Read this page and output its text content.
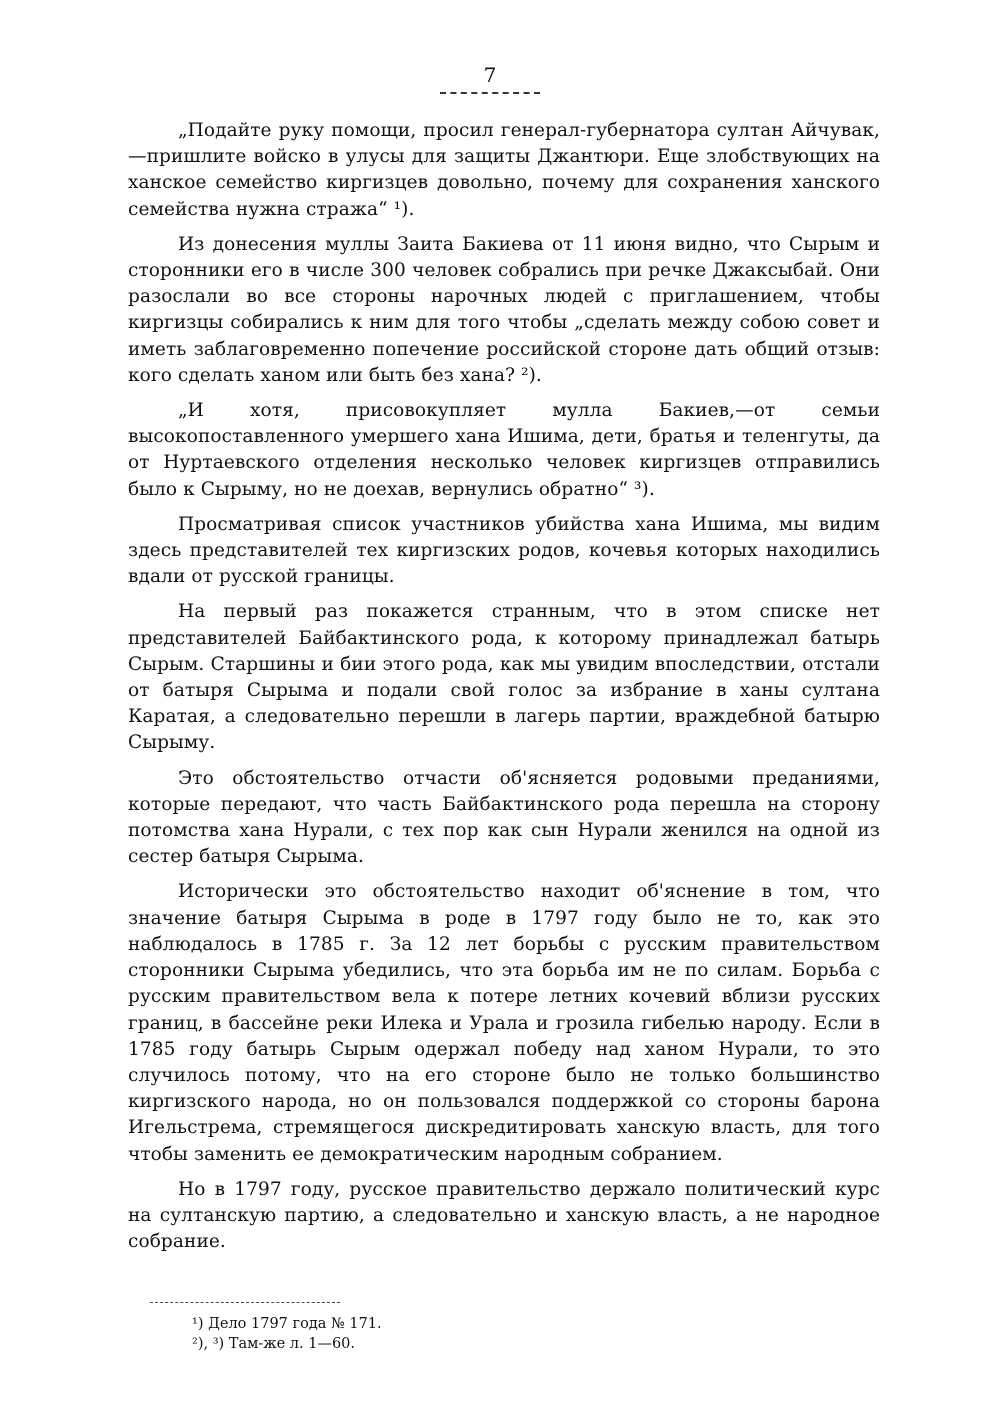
7

„Подайте руку помощи, просил генерал-губернатора султан Айчувак,—пришлите войско в улусы для защиты Джантюри. Еще злобствующих на ханское семейство киргизцев довольно, почему для сохранения ханского семейства нужна стража“ ¹).

Из донесения муллы Заита Бакиева от 11 июня видно, что Сырым и сторонники его в числе 300 человек собрались при речке Джаксыбай. Они разослали во все стороны нарочных людей с приглашением, чтобы киргизцы собирались к ним для того чтобы „сделать между собою совет и иметь заблаговременно попечение российской стороне дать общий отзыв: кого сделать ханом или быть без хана? ²).

„И хотя, присовокупляет мулла Бакиев,—от семьи высокопоставленного умершего хана Ишима, дети, братья и теленгуты, да от Нуртаевского отделения несколько человек киргизцев отправились было к Сырыму, но не доехав, вернулись обратно“ ³).

Просматривая список участников убийства хана Ишима, мы видим здесь представителей тех киргизских родов, кочевья которых находились вдали от русской границы.

На первый раз покажется странным, что в этом списке нет представителей Байбактинского рода, к которому принадлежал батырь Сырым. Старшины и бии этого рода, как мы увидим впоследствии, отстали от батыря Сырыма и подали свой голос за избрание в ханы султана Каратая, а следовательно перешли в лагерь партии, враждебной батырю Сырыму.

Это обстоятельство отчасти об'ясняется родовыми преданиями, которые передают, что часть Байбактинского рода перешла на сторону потомства хана Нурали, с тех пор как сын Нурали женился на одной из сестер батыря Сырыма.

Исторически это обстоятельство находит об'яснение в том, что значение батыря Сырыма в роде в 1797 году было не то, как это наблюдалось в 1785 г. За 12 лет борьбы с русским правительством сторонники Сырыма убедились, что эта борьба им не по силам. Борьба с русским правительством вела к потере летних кочевий вблизи русских границ, в бассейне реки Илека и Урала и грозила гибелью народу. Если в 1785 году батырь Сырым одержал победу над ханом Нурали, то это случилось потому, что на его стороне было не только большинство киргизского народа, но он пользовался поддержкой со стороны барона Игельстрема, стремящегося дискредитировать ханскую власть, для того чтобы заменить ее демократическим народным собранием.

Но в 1797 году, русское правительство держало политический курс на султанскую партию, а следовательно и ханскую власть, а не народное собрание.

¹) Дело 1797 года № 171.

²), ³) Там-же л. 1—60.
